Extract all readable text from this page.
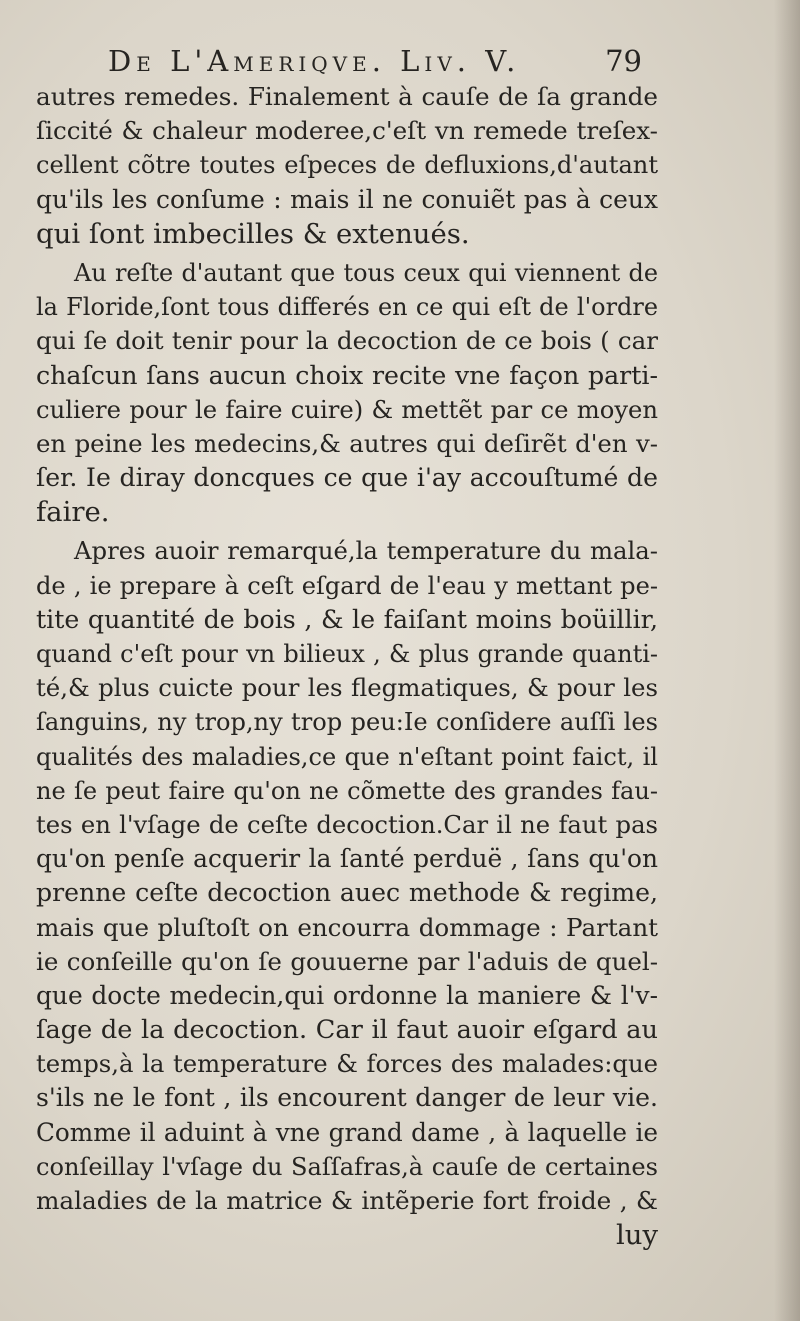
De L'Ameriqve. Liv. V.	79
autres remedes. Finalement à cauſe de ſa grande
ſiccité & chaleur moderee,c'eſt vn remede treſex-
cellent cõtre toutes eſpeces de defluxions,d'autant
qu'ils les conſume : mais il ne conuiẽt pas à ceux
qui ſont imbecilles & extenués.
Au reſte d'autant que tous ceux qui viennent de
la Floride,ſont tous differés en ce qui eſt de l'ordre
qui ſe doit tenir pour la decoction de ce bois ( car
chaſcun ſans aucun choix recite vne façon parti-
culiere pour le faire cuire) & mettẽt par ce moyen
en peine les medecins,& autres qui deſirẽt d'en v-
ſer. Ie diray doncques ce que i'ay accouſtumé de
faire.
Apres auoir remarqué,la temperature du mala-
de , ie prepare à ceſt eſgard de l'eau y mettant pe-
tite quantité de bois , & le faiſant moins boüillir,
quand c'eſt pour vn bilieux , & plus grande quanti-
té,& plus cuicte pour les flegmatiques, & pour les
ſanguins, ny trop,ny trop peu:Ie conſidere auſſi les
qualités des maladies,ce que n'eſtant point faict, il
ne ſe peut faire qu'on ne cõmette des grandes fau-
tes en l'vſage de ceſte decoction.Car il ne faut pas
qu'on penſe acquerir la ſanté perduë , ſans qu'on
prenne ceſte decoction auec methode & regime,
mais que pluſtoſt on encourra dommage : Partant
ie conſeille qu'on ſe gouuerne par l'aduis de quel-
que docte medecin,qui ordonne la maniere & l'v-
ſage de la decoction. Car il faut auoir eſgard au
temps,à la temperature & forces des malades:que
s'ils ne le font , ils encourent danger de leur vie.
Comme il aduint à vne grand dame , à laquelle ie
conſeillay l'vſage du Saſſafras,à cauſe de certaines
maladies de la matrice & intẽperie fort froide , &
luy
